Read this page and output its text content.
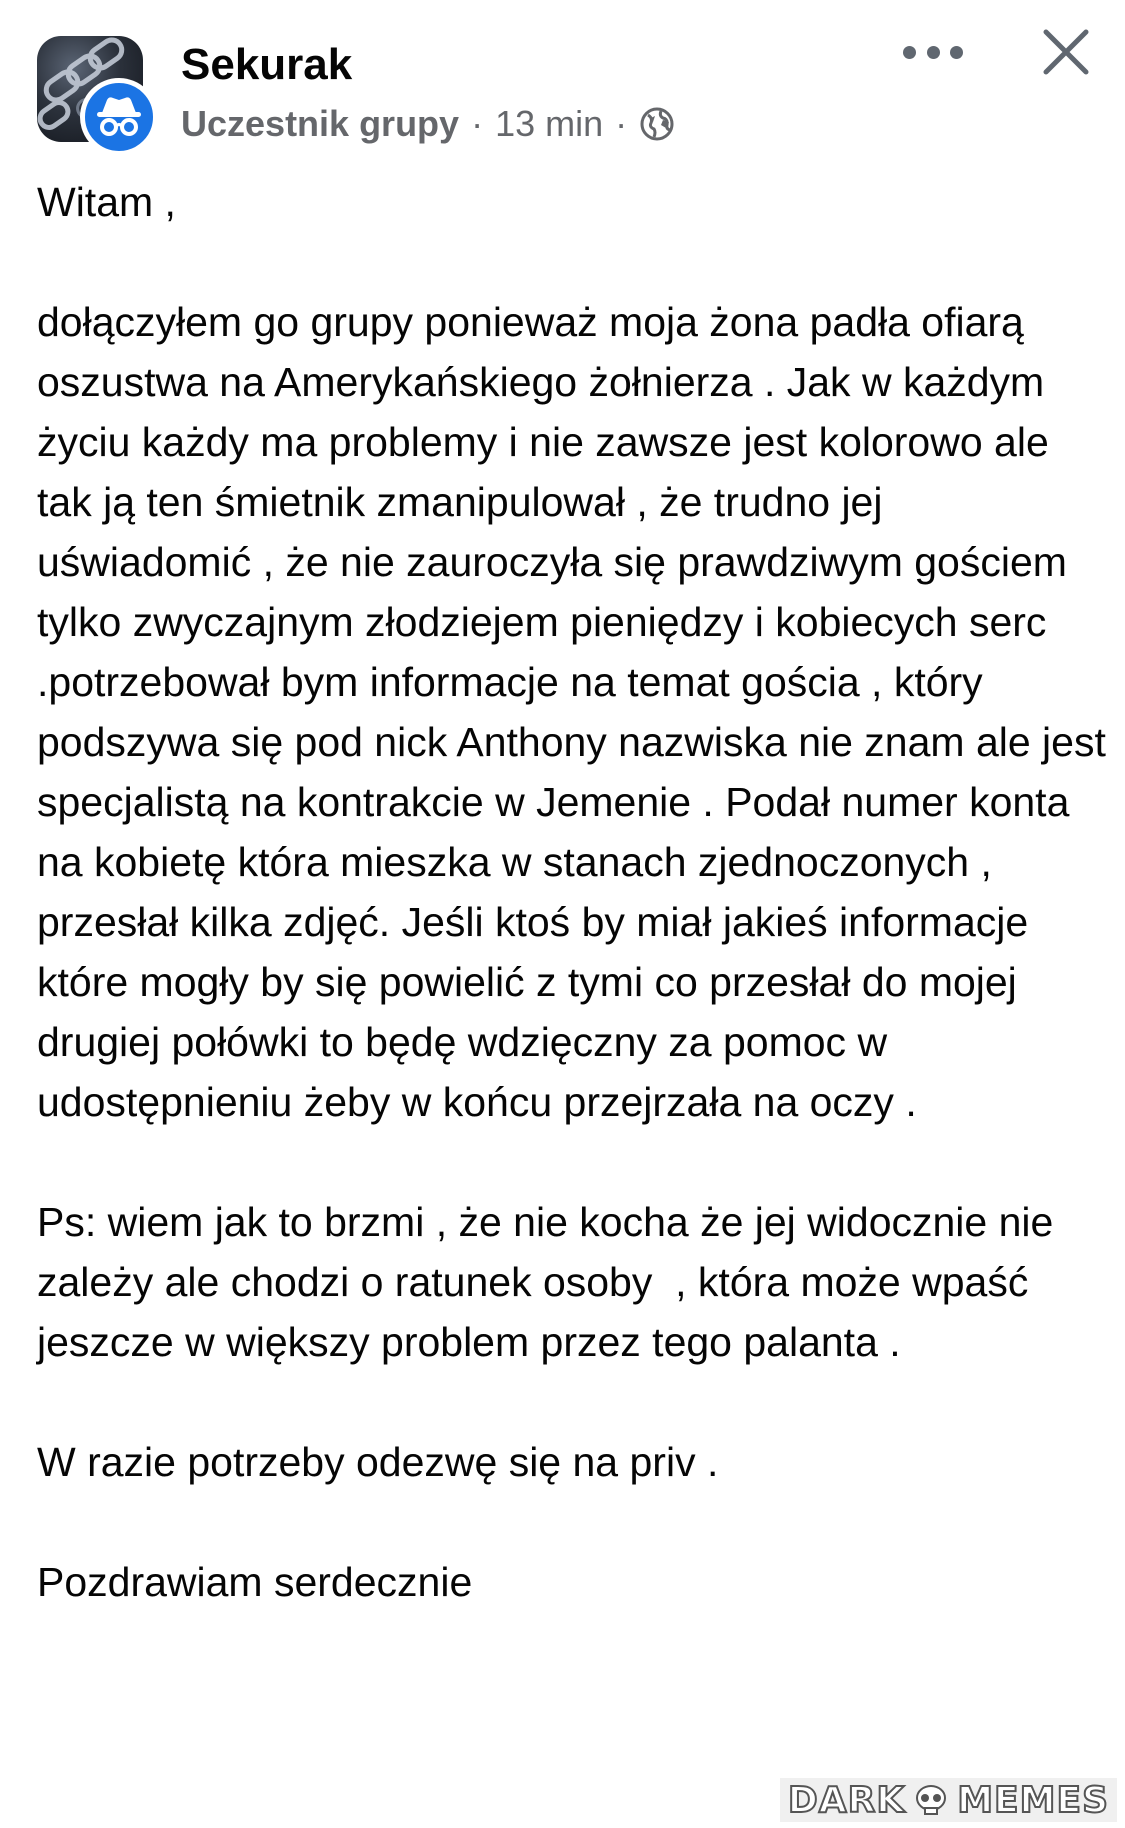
Sekurak
Uczestnik grupy · 13 min ·

Witam ,

dołączyłem go grupy ponieważ moja żona padła ofiarą oszustwa na Amerykańskiego żołnierza . Jak w każdym życiu każdy ma problemy i nie zawsze jest kolorowo ale tak ją ten śmietnik zmanipulował , że trudno jej uświadomić , że nie zauroczyła się prawdziwym gościem tylko zwyczajnym złodziejem pieniędzy i kobiecych serc .potrzebował bym informacje na temat gościa , który podszywa się pod nick Anthony nazwiska nie znam ale jest specjalistą na kontrakcie w Jemenie . Podał numer konta na kobietę która mieszka w stanach zjednoczonych , przesłał kilka zdjęć. Jeśli ktoś by miał jakieś informacje które mogły by się powielić z tymi co przesłał do mojej drugiej połówki to będę wdzięczny za pomoc w udostępnieniu żeby w końcu przejrzała na oczy .

Ps: wiem jak to brzmi , że nie kocha że jej widocznie nie zależy ale chodzi o ratunek osoby  , która może wpaść jeszcze w większy problem przez tego palanta .

W razie potrzeby odezwę się na priv .

Pozdrawiam serdecznie

DARK MEMES
